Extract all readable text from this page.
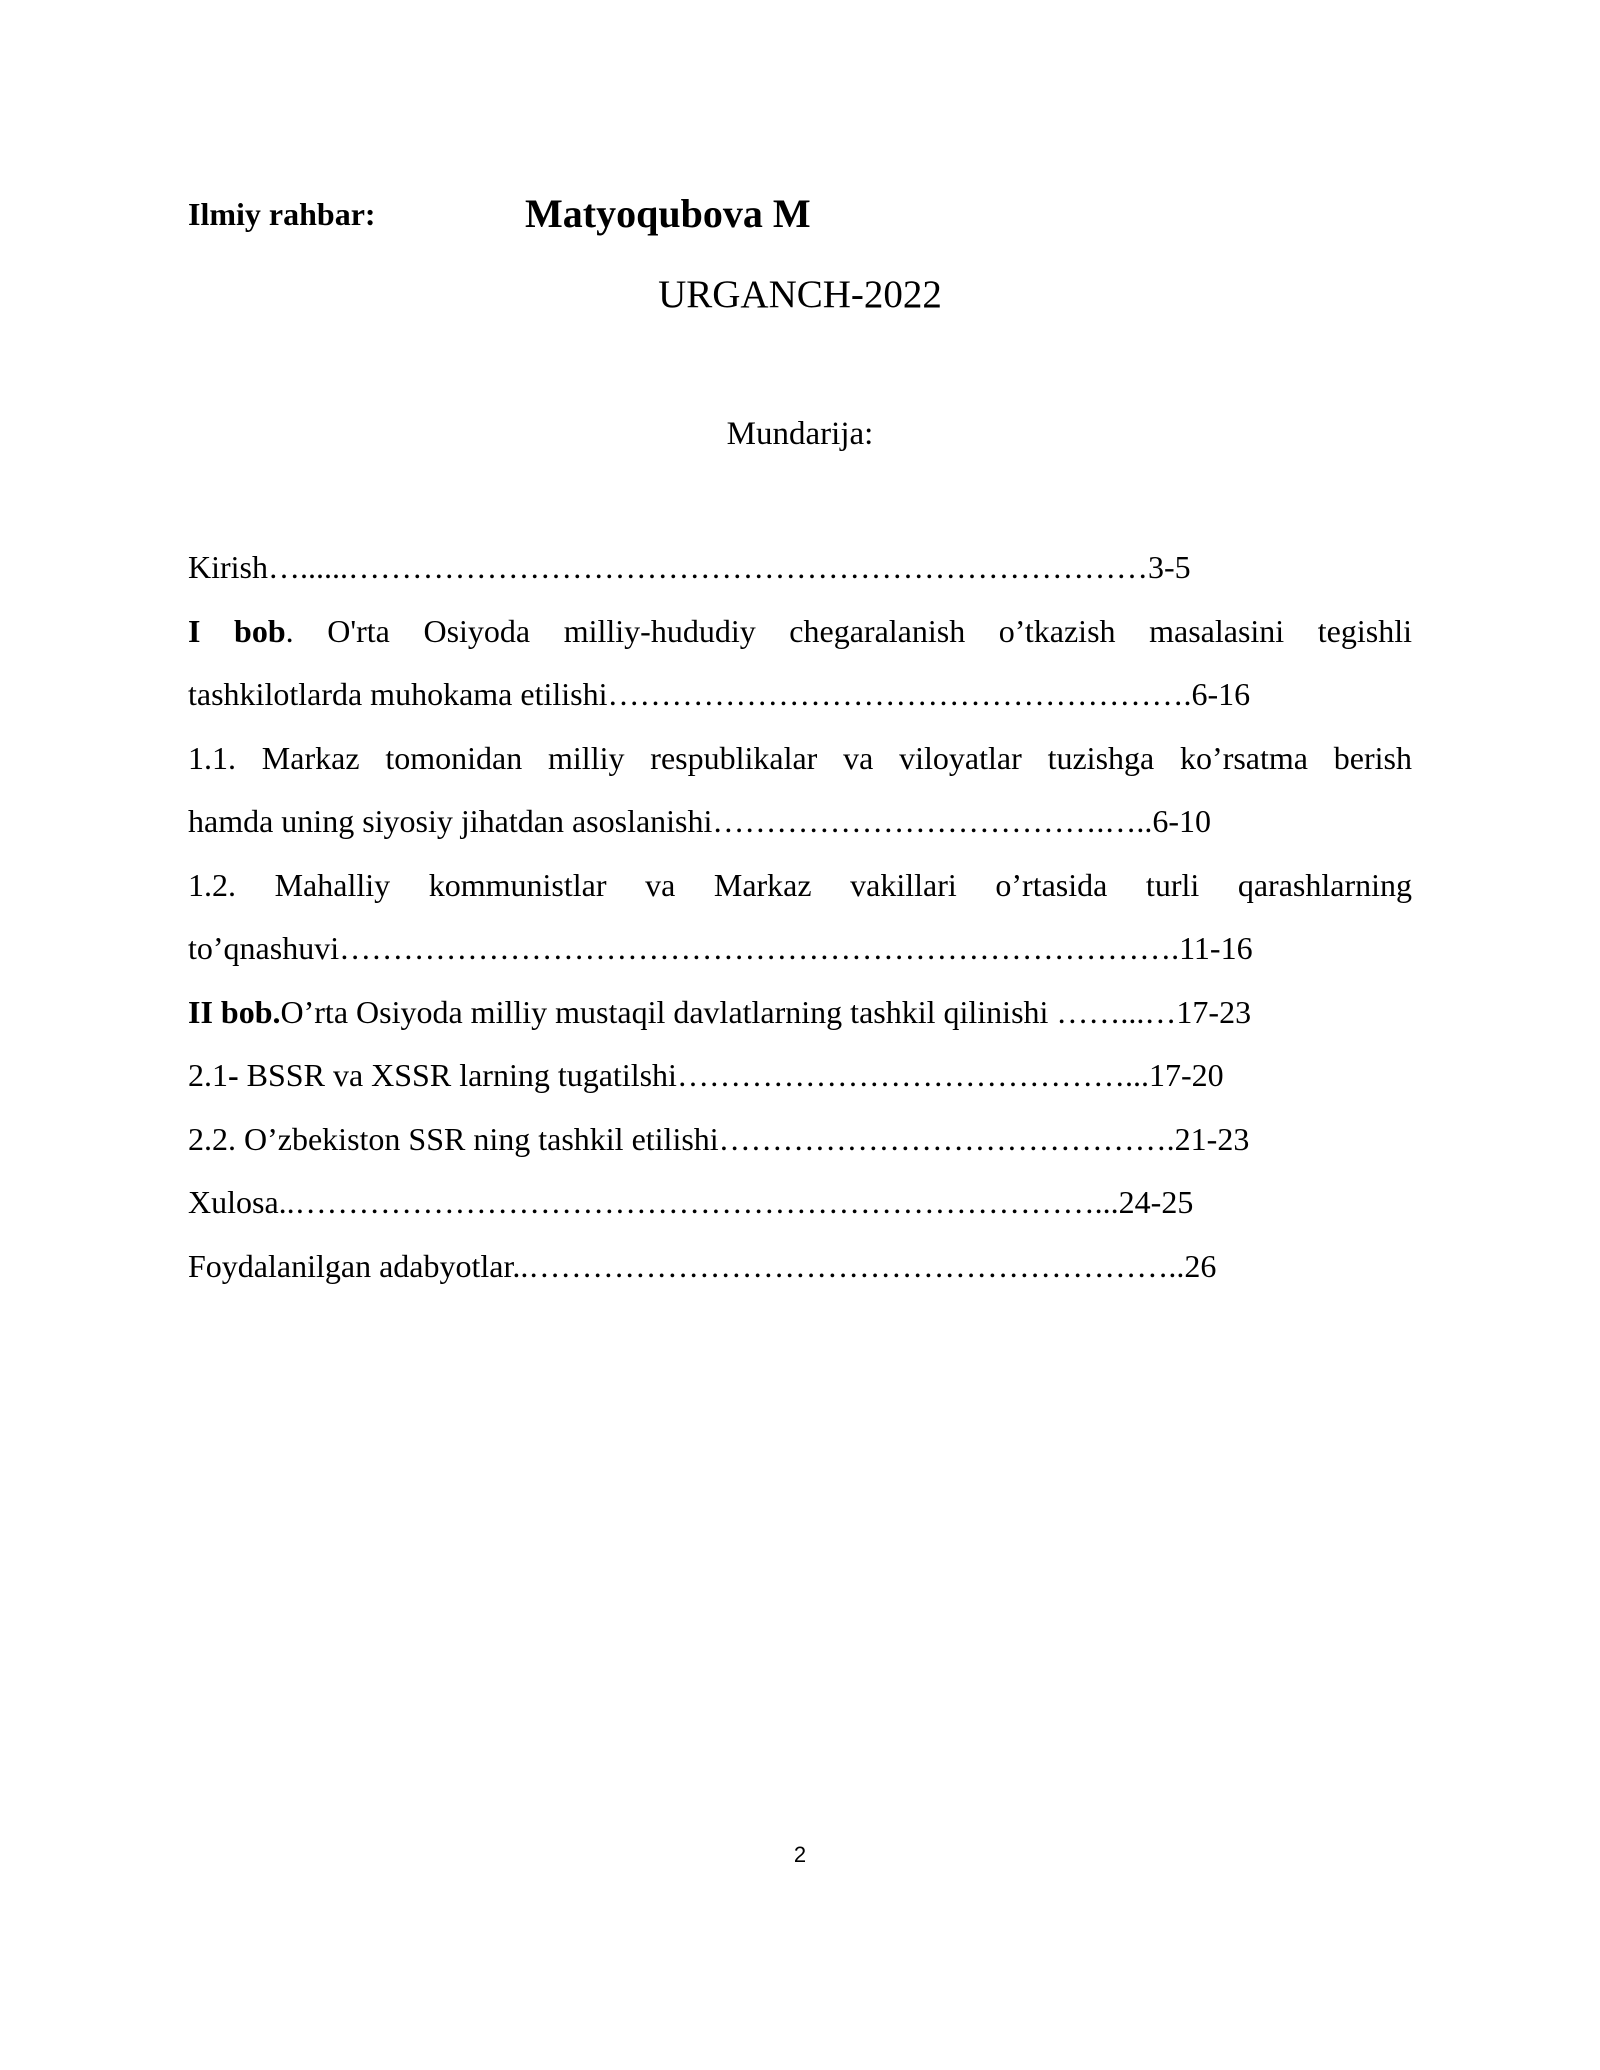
Ilmiy rahbar:	Matyoqubova M
URGANCH-2022
Mundarija:
Kirish…......…………………………………………………………………3-5
I bob. O'rta Osiyoda milliy-hududiy chegaralanish o’tkazish masalasini tegishli
tashkilotlarda muhokama etilishi……………………………………………….6-16
1.1. Markaz tomonidan milliy respublikalar va viloyatlar tuzishga ko’rsatma berish
hamda uning siyosiy jihatdan asoslanishi……………………………….…..6-10
1.2. Mahalliy kommunistlar va Markaz vakillari o’rtasida turli qarashlarning
to’qnashuvi…………………………………………………………………….11-16
II bob.O’rta Osiyoda milliy mustaqil davlatlarning tashkil qilinishi ……...…17-23
2.1- BSSR va XSSR larning tugatilshi……………………………………...17-20
2.2. O’zbekiston SSR ning tashkil etilishi…………………………………….21-23
Xulosa..…………………………………………………………………...24-25
Foydalanilgan adabyotlar..……………………………………………………..26
2
